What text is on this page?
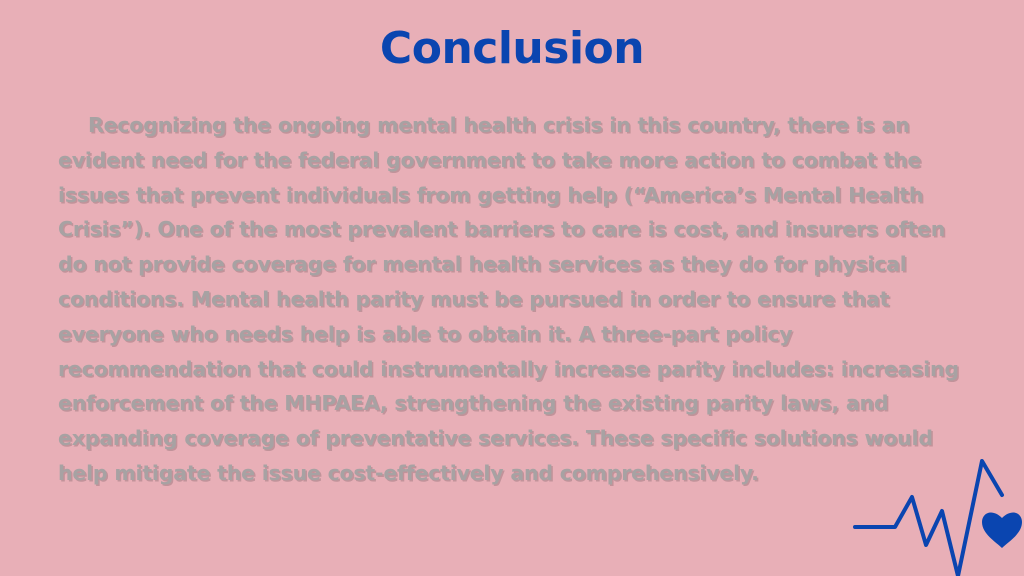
Conclusion

Recognizing the ongoing mental health crisis in this country, there is an evident need for the federal government to take more action to combat the issues that prevent individuals from getting help (“America’s Mental Health Crisis”). One of the most prevalent barriers to care is cost, and insurers often do not provide coverage for mental health services as they do for physical conditions. Mental health parity must be pursued in order to ensure that everyone who needs help is able to obtain it. A three-part policy recommendation that could instrumentally increase parity includes: increasing enforcement of the MHPAEA, strengthening the existing parity laws, and expanding coverage of preventative services. These specific solutions would help mitigate the issue cost-effectively and comprehensively.
